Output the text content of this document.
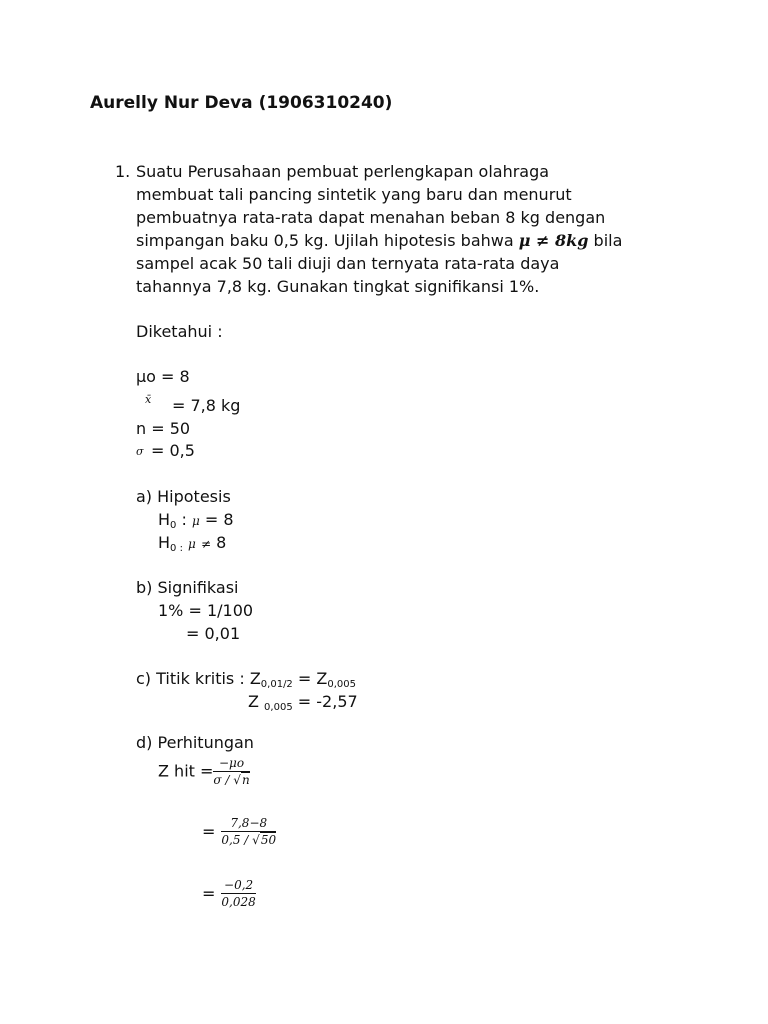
Aurelly Nur Deva (1906310240)
1. Suatu Perusahaan pembuat perlengkapan olahraga
membuat tali pancing sintetik yang baru dan menurut
pembuatnya rata-rata dapat menahan beban 8 kg dengan
simpangan baku 0,5 kg. Ujilah hipotesis bahwa μ ≠ 8kg bila
sampel acak 50 tali diuji dan ternyata rata-rata daya
tahannya 7,8 kg. Gunakan tingkat signifikansi 1%.
Diketahui :
μo = 8
x̄ = 7,8 kg
n = 50
σ = 0,5
a) Hipotesis
$H_0$ : μ = 8
$H_{0 :}$ μ ≠ 8
b) Signifikasi
1% = 1/100
= 0,01
c) Titik kritis : $Z_{0,01/2} = Z_{0,005}$
Z $_{0,005}$ = -2,57
d) Perhitungan
Z hit = $\frac{-\mu o}{\sigma / √n}$
= $\frac{7,8-8}{0,5 / √50}$
= $\frac{-0,2}{0,028}$
